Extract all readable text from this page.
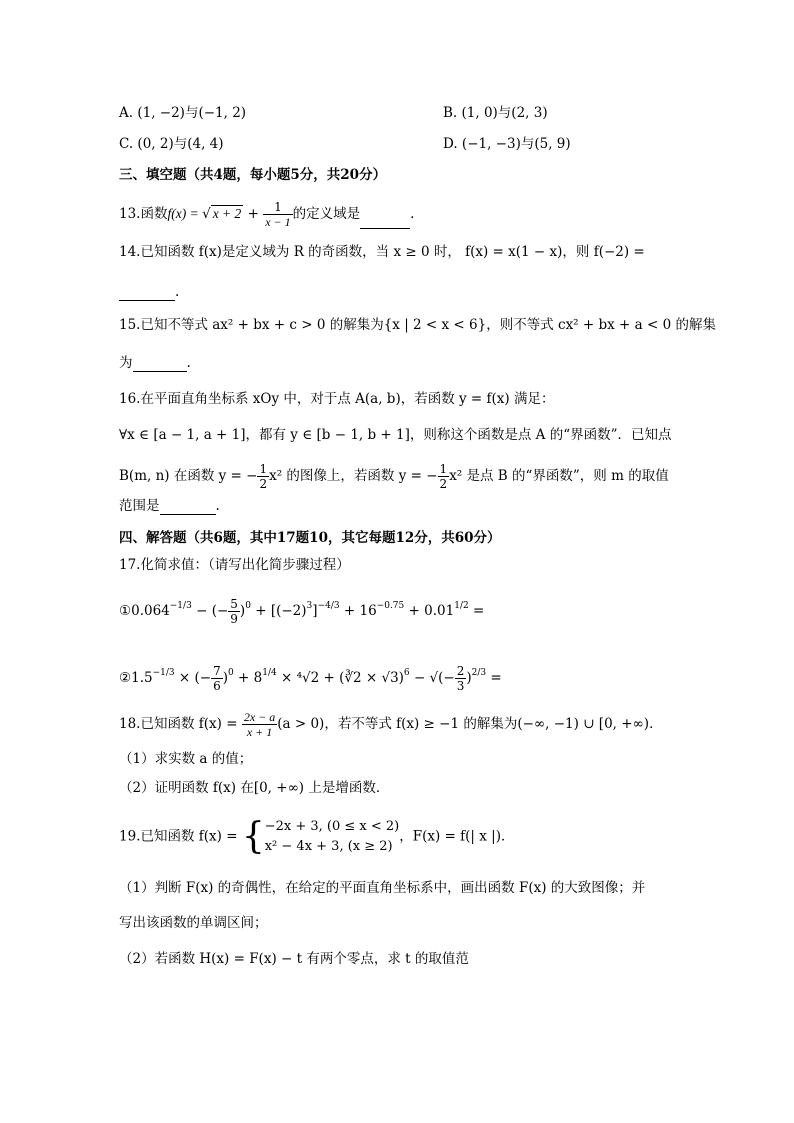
A. (1, −2)与(−1, 2)	B. (1, 0)与(2, 3)
C. (0, 2)与(4, 4)	D. (−1, −3)与(5, 9)
三、填空题（共4题，每小题5分，共20分）
13.函数f(x) = √ $x + 2 + \frac{1}{x - 1}$ 的定义域是	.
14.已知函数 f(x)是定义域为 R 的奇函数，当 x ≥ 0 时， f(x) = x(1 − x)，则 f(−2) =
.
15.已知不等式 ax² + bx + c > 0 的解集为{x | 2 < x < 6}，则不等式 cx² + bx + a < 0 的解集
为	.
16.在平面直角坐标系 xOy 中，对于点 A(a, b)，若函数 y = f(x) 满足：
∀x ∈ [a − 1, a + 1]，都有 y ∈ [b − 1, b + 1]，则称这个函数是点 A 的“界函数”．已知点
B(m, n) 在函数 y = − $\frac{1}{2} x^2$ 的图像上，若函数 y = − $\frac{1}{2} x^2$ 是点 B 的“界函数”，则 m 的取值
范围是	.
四、解答题（共6题，其中17题10，其它每题12分，共60分）
17.化简求值：（请写出化简步骤过程）
$①0.064^{-1/3}$ − (− $\frac{5}{9} )^0 + [(-2)^3]^{-4/3} + 16^{-0.75} + 0.01^{1/2}$ =
$②1.5^{-1/3}$ × (− $\frac{7}{6} )^0 + 8^{1/4} \times ^4√2$ + (∛2 × √3)$^6$ − √(− $\frac{2}{3} )^{2/3}$ =
18.已知函数 $f(x) = \frac{2x - a}{x + 1} (a > 0)$，若不等式 f(x) ≥ −1 的解集为(−∞, −1) ∪ [0, +∞)．
（1）求实数 a 的值；
（2）证明函数 f(x) 在[0, +∞) 上是增函数．
19.已知函数 f(x) = { −2x + 3, (0 ≤ x < 2)
x² − 4x + 3, (x ≥ 2)
，F(x) = f(| x |)．
（1）判断 F(x) 的奇偶性，在给定的平面直角坐标系中，画出函数 F(x) 的大致图像；并
写出该函数的单调区间；
（2）若函数 H(x) = F(x) − t 有两个零点，求 t 的取值范
